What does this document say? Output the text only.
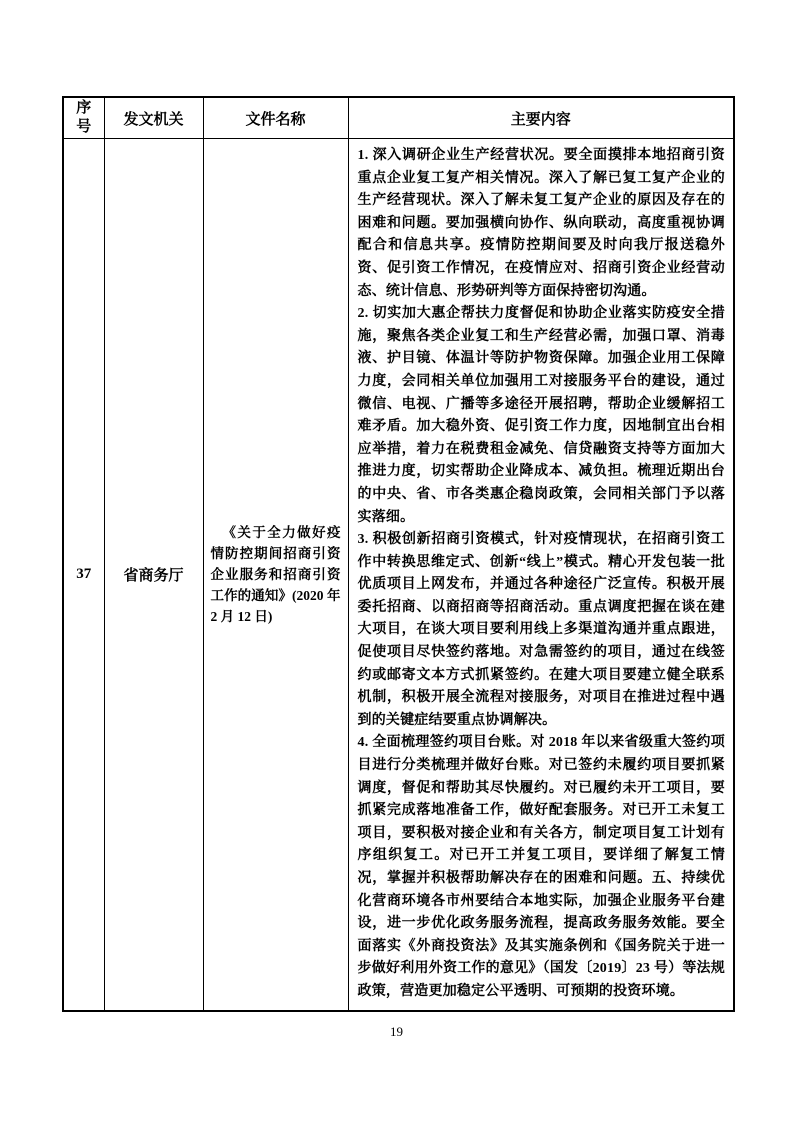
序号	发文机关	文件名称	主要内容
37	省商务厅	《关于全力做好疫情防控期间招商引资企业服务和招商引资工作的通知》(2020 年 2 月 12 日)	1. 深入调研企业生产经营状况。要全面摸排本地招商引资重点企业复工复产相关情况。深入了解已复工复产企业的生产经营现状。深入了解未复工复产企业的原因及存在的困难和问题。要加强横向协作、纵向联动，高度重视协调配合和信息共享。疫情防控期间要及时向我厅报送稳外资、促引资工作情况，在疫情应对、招商引资企业经营动态、统计信息、形势研判等方面保持密切沟通。

2. 切实加大惠企帮扶力度督促和协助企业落实防疫安全措施，聚焦各类企业复工和生产经营必需，加强口罩、消毒液、护目镜、体温计等防护物资保障。加强企业用工保障力度，会同相关单位加强用工对接服务平台的建设，通过微信、电视、广播等多途径开展招聘，帮助企业缓解招工难矛盾。加大稳外资、促引资工作力度，因地制宜出台相应举措，着力在税费租金减免、信贷融资支持等方面加大推进力度，切实帮助企业降成本、减负担。梳理近期出台的中央、省、市各类惠企稳岗政策，会同相关部门予以落实落细。

3. 积极创新招商引资模式，针对疫情现状，在招商引资工作中转换思维定式、创新“线上”模式。精心开发包装一批优质项目上网发布，并通过各种途径广泛宣传。积极开展委托招商、以商招商等招商活动。重点调度把握在谈在建大项目，在谈大项目要利用线上多渠道沟通并重点跟进，促使项目尽快签约落地。对急需签约的项目，通过在线签约或邮寄文本方式抓紧签约。在建大项目要建立健全联系机制，积极开展全流程对接服务，对项目在推进过程中遇到的关键症结要重点协调解决。

4. 全面梳理签约项目台账。对 2018 年以来省级重大签约项目进行分类梳理并做好台账。对已签约未履约项目要抓紧调度，督促和帮助其尽快履约。对已履约未开工项目，要抓紧完成落地准备工作，做好配套服务。对已开工未复工项目，要积极对接企业和有关各方，制定项目复工计划有序组织复工。对已开工并复工项目，要详细了解复工情况，掌握并积极帮助解决存在的困难和问题。五、持续优化营商环境各市州要结合本地实际，加强企业服务平台建设，进一步优化政务服务流程，提高政务服务效能。要全面落实《外商投资法》及其实施条例和《国务院关于进一步做好利用外资工作的意见》（国发〔2019〕23 号）等法规政策，营造更加稳定公平透明、可预期的投资环境。

19
